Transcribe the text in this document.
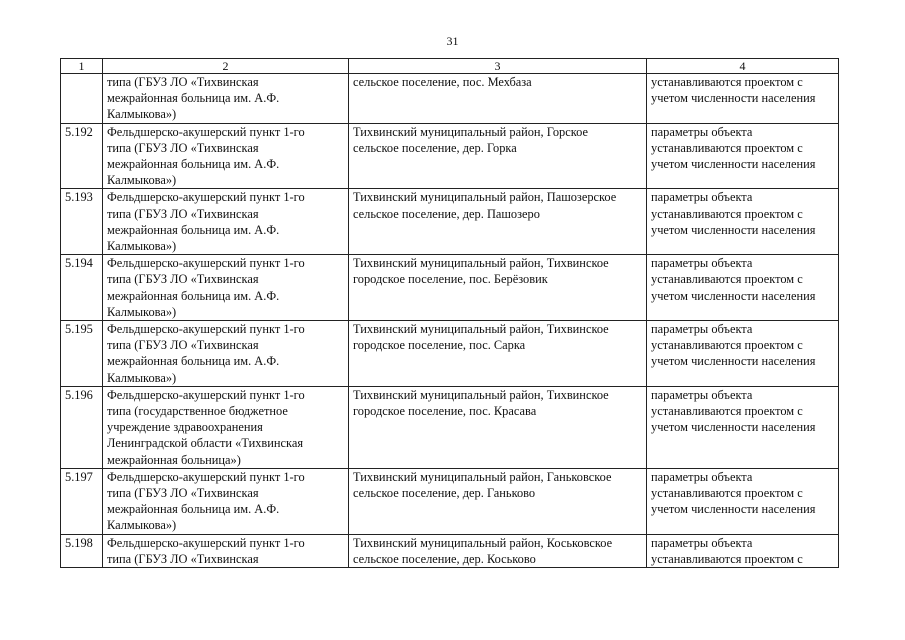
31
1	2	3	4

	типа (ГБУЗ ЛО «Тихвинская
межрайонная больница им. А.Ф.
Калмыкова»)	сельское поселение, пос. Мехбаза	устанавливаются проектом с
учетом численности населения

5.192	Фельдшерско-акушерский пункт 1-го
типа (ГБУЗ ЛО «Тихвинская
межрайонная больница им. А.Ф.
Калмыкова»)	Тихвинский муниципальный район, Горское
сельское поселение, дер. Горка	параметры объекта
устанавливаются проектом с
учетом численности населения

5.193	Фельдшерско-акушерский пункт 1-го
типа (ГБУЗ ЛО «Тихвинская
межрайонная больница им. А.Ф.
Калмыкова»)	Тихвинский муниципальный район, Пашозерское
сельское поселение, дер. Пашозеро	параметры объекта
устанавливаются проектом с
учетом численности населения

5.194	Фельдшерско-акушерский пункт 1-го
типа (ГБУЗ ЛО «Тихвинская
межрайонная больница им. А.Ф.
Калмыкова»)	Тихвинский муниципальный район, Тихвинское
городское поселение, пос. Берёзовик	параметры объекта
устанавливаются проектом с
учетом численности населения

5.195	Фельдшерско-акушерский пункт 1-го
типа (ГБУЗ ЛО «Тихвинская
межрайонная больница им. А.Ф.
Калмыкова»)	Тихвинский муниципальный район, Тихвинское
городское поселение, пос. Сарка	параметры объекта
устанавливаются проектом с
учетом численности населения

5.196	Фельдшерско-акушерский пункт 1-го
типа (государственное бюджетное
учреждение здравоохранения
Ленинградской области «Тихвинская
межрайонная больница»)	Тихвинский муниципальный район, Тихвинское
городское поселение, пос. Красава	параметры объекта
устанавливаются проектом с
учетом численности населения

5.197	Фельдшерско-акушерский пункт 1-го
типа (ГБУЗ ЛО «Тихвинская
межрайонная больница им. А.Ф.
Калмыкова»)	Тихвинский муниципальный район, Ганьковское
сельское поселение, дер. Ганьково	параметры объекта
устанавливаются проектом с
учетом численности населения

5.198	Фельдшерско-акушерский пункт 1-го
типа (ГБУЗ ЛО «Тихвинская	Тихвинский муниципальный район, Коськовское
сельское поселение, дер. Коськово	параметры объекта
устанавливаются проектом с
